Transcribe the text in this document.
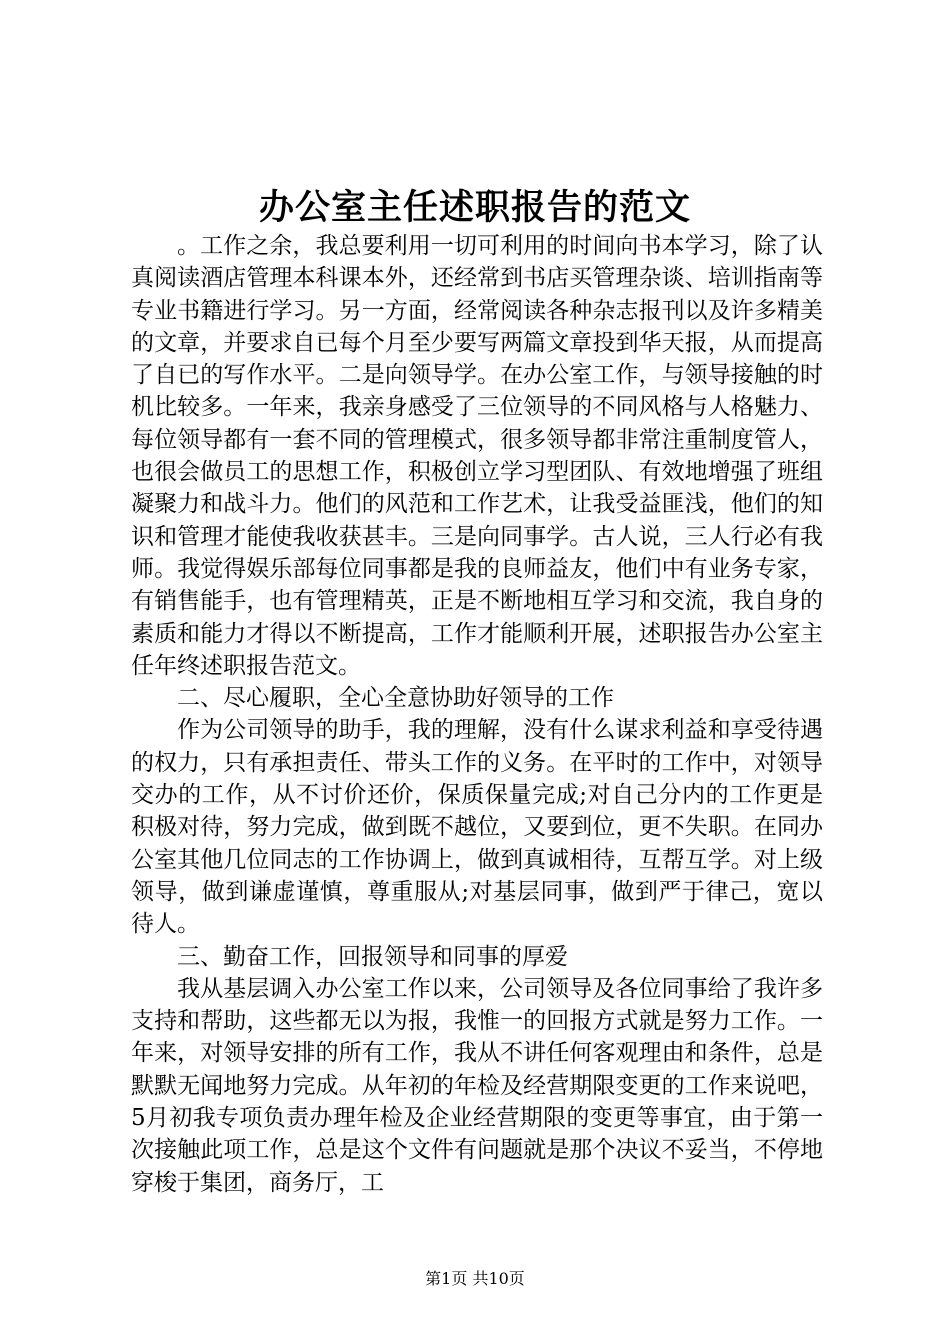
办公室主任述职报告的范文

。工作之余，我总要利用一切可利用的时间向书本学习，除了认真阅读酒店管理本科课本外，还经常到书店买管理杂谈、培训指南等专业书籍进行学习。另一方面，经常阅读各种杂志报刊以及许多精美的文章，并要求自已每个月至少要写两篇文章投到华天报，从而提高了自已的写作水平。二是向领导学。在办公室工作，与领导接触的时机比较多。一年来，我亲身感受了三位领导的不同风格与人格魅力、每位领导都有一套不同的管理模式，很多领导都非常注重制度管人，也很会做员工的思想工作，积极创立学习型团队、有效地增强了班组凝聚力和战斗力。他们的风范和工作艺术，让我受益匪浅，他们的知识和管理才能使我收获甚丰。三是向同事学。古人说，三人行必有我师。我觉得娱乐部每位同事都是我的良师益友，他们中有业务专家，有销售能手，也有管理精英，正是不断地相互学习和交流，我自身的素质和能力才得以不断提高，工作才能顺利开展，述职报告办公室主任年终述职报告范文。

二、尽心履职，全心全意协助好领导的工作

作为公司领导的助手，我的理解，没有什么谋求利益和享受待遇的权力，只有承担责任、带头工作的义务。在平时的工作中，对领导交办的工作，从不讨价还价，保质保量完成;对自己分内的工作更是积极对待，努力完成，做到既不越位，又要到位，更不失职。在同办公室其他几位同志的工作协调上，做到真诚相待，互帮互学。对上级领导，做到谦虚谨慎，尊重服从;对基层同事，做到严于律己，宽以待人。

三、勤奋工作，回报领导和同事的厚爱

我从基层调入办公室工作以来，公司领导及各位同事给了我许多支持和帮助，这些都无以为报，我惟一的回报方式就是努力工作。一年来，对领导安排的所有工作，我从不讲任何客观理由和条件，总是默默无闻地努力完成。从年初的年检及经营期限变更的工作来说吧，5月初我专项负责办理年检及企业经营期限的变更等事宜，由于第一次接触此项工作，总是这个文件有问题就是那个决议不妥当，不停地穿梭于集团，商务厅，工

第1页 共10页
